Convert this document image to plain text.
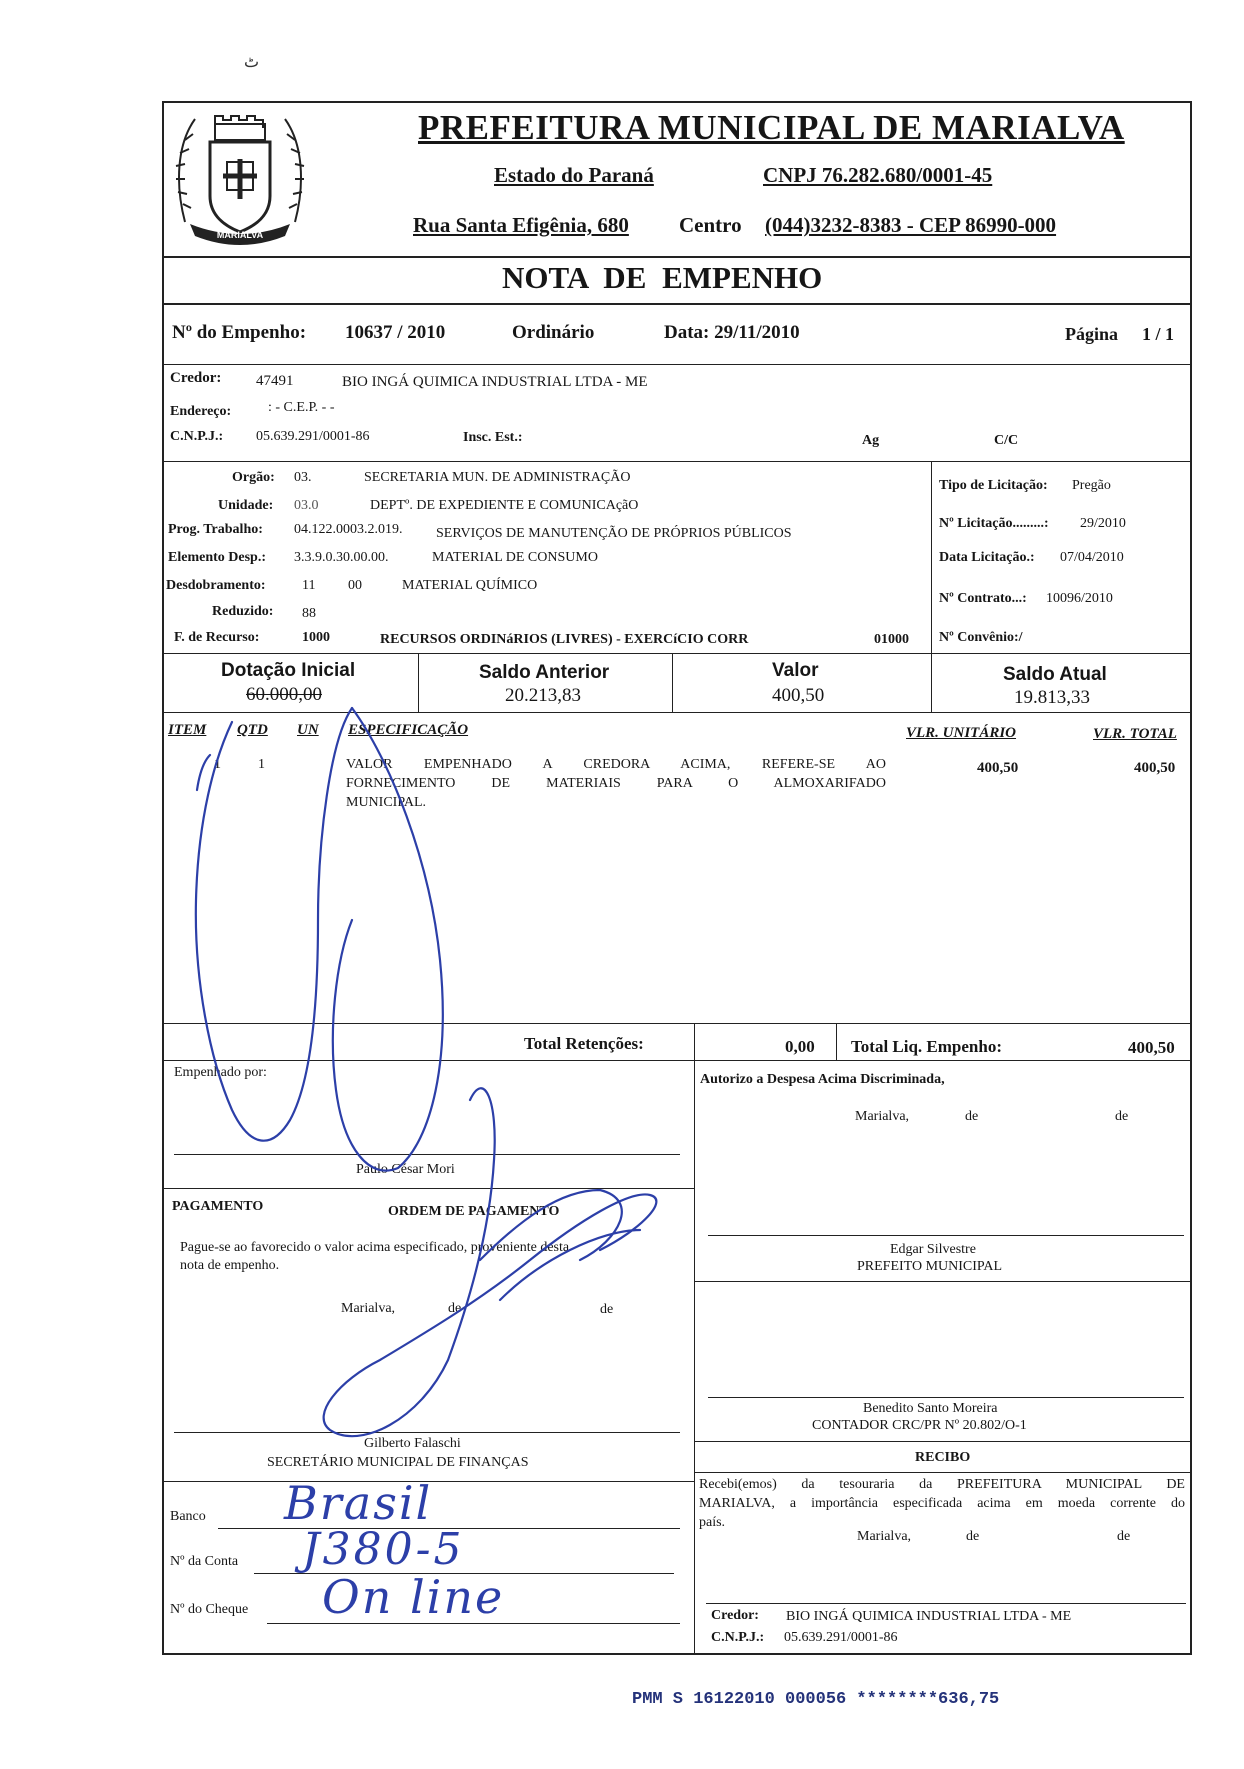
MARIALVA
PREFEITURA MUNICIPAL DE MARIALVA
Estado do Paraná	CNPJ 76.282.680/0001-45
Rua Santa Efigênia, 680 Centro (044)3232-8383 - CEP 86990-000
NOTA DE EMPENHO
Nº do Empenho: 10637 / 2010	Ordinário	Data: 29/11/2010	Página 1 / 1
Credor: 47491	BIO INGÁ QUIMICA INDUSTRIAL LTDA - ME
Endereço:	: - C.E.P. - -
C.N.P.J.: 05.639.291/0001-86	Insc. Est.:	Ag	C/C
Orgão: 03.	SECRETARIA MUN. DE ADMINISTRAÇÃO
Unidade: 03.0	DEPTº. DE EXPEDIENTE E COMUNICAçãO
Prog. Trabalho: 04.122.0003.2.019. SERVIÇOS DE MANUTENÇÃO DE PRÓPRIOS PÚBLICOS
Elemento Desp.: 3.3.9.0.30.00.00.	MATERIAL DE CONSUMO
Desdobramento:	11 00	MATERIAL QUÍMICO
Reduzido: 88
F. de Recurso:	1000	RECURSOS ORDINáRIOS (LIVRES) - EXERCíCIO CORR	01000
Tipo de Licitação: Pregão
Nº Licitação.........: 29/2010
Data Licitação.: 07/04/2010
Nº Contrato...: 10096/2010
Nº Convênio:/
Dotação Inicial
60.000,00
Saldo Anterior
20.213,83
Valor
400,50
Saldo Atual
19.813,33
ITEM QTD UN ESPECIFICAÇÃO	VLR. UNITÁRIO	VLR. TOTAL
1	1	VALOR EMPENHADO A CREDORA ACIMA, REFERE-SE AO
FORNECIMENTO DE MATERIAIS PARA O ALMOXARIFADO
MUNICIPAL.
400,50	400,50
Total Retenções:	0,00 Total Liq. Empenho:	400,50
Empenhado por:
Paulo César Mori
Autorizo a Despesa Acima Discriminada,
Marialva,	de	de
Edgar Silvestre
PREFEITO MUNICIPAL
PAGAMENTO	ORDEM DE PAGAMENTO
Pague-se ao favorecido o valor acima especificado, proveniente desta
nota de empenho.
Marialva,	de	de
Gilberto Falaschi
SECRETÁRIO MUNICIPAL DE FINANÇAS
Benedito Santo Moreira
CONTADOR CRC/PR Nº 20.802/O-1
RECIBO
Recebi(emos) da tesouraria da PREFEITURA MUNICIPAL DE
MARIALVA, a importância especificada acima em moeda corrente do
país.
Marialva,	de	de
Credor: BIO INGÁ QUIMICA INDUSTRIAL LTDA - ME
C.N.P.J.: 05.639.291/0001-86
Banco Brasil
Nº da Conta J380-5
Nº do Cheque On line
PMM S 16122010 000056 ********636,75
ٹ
